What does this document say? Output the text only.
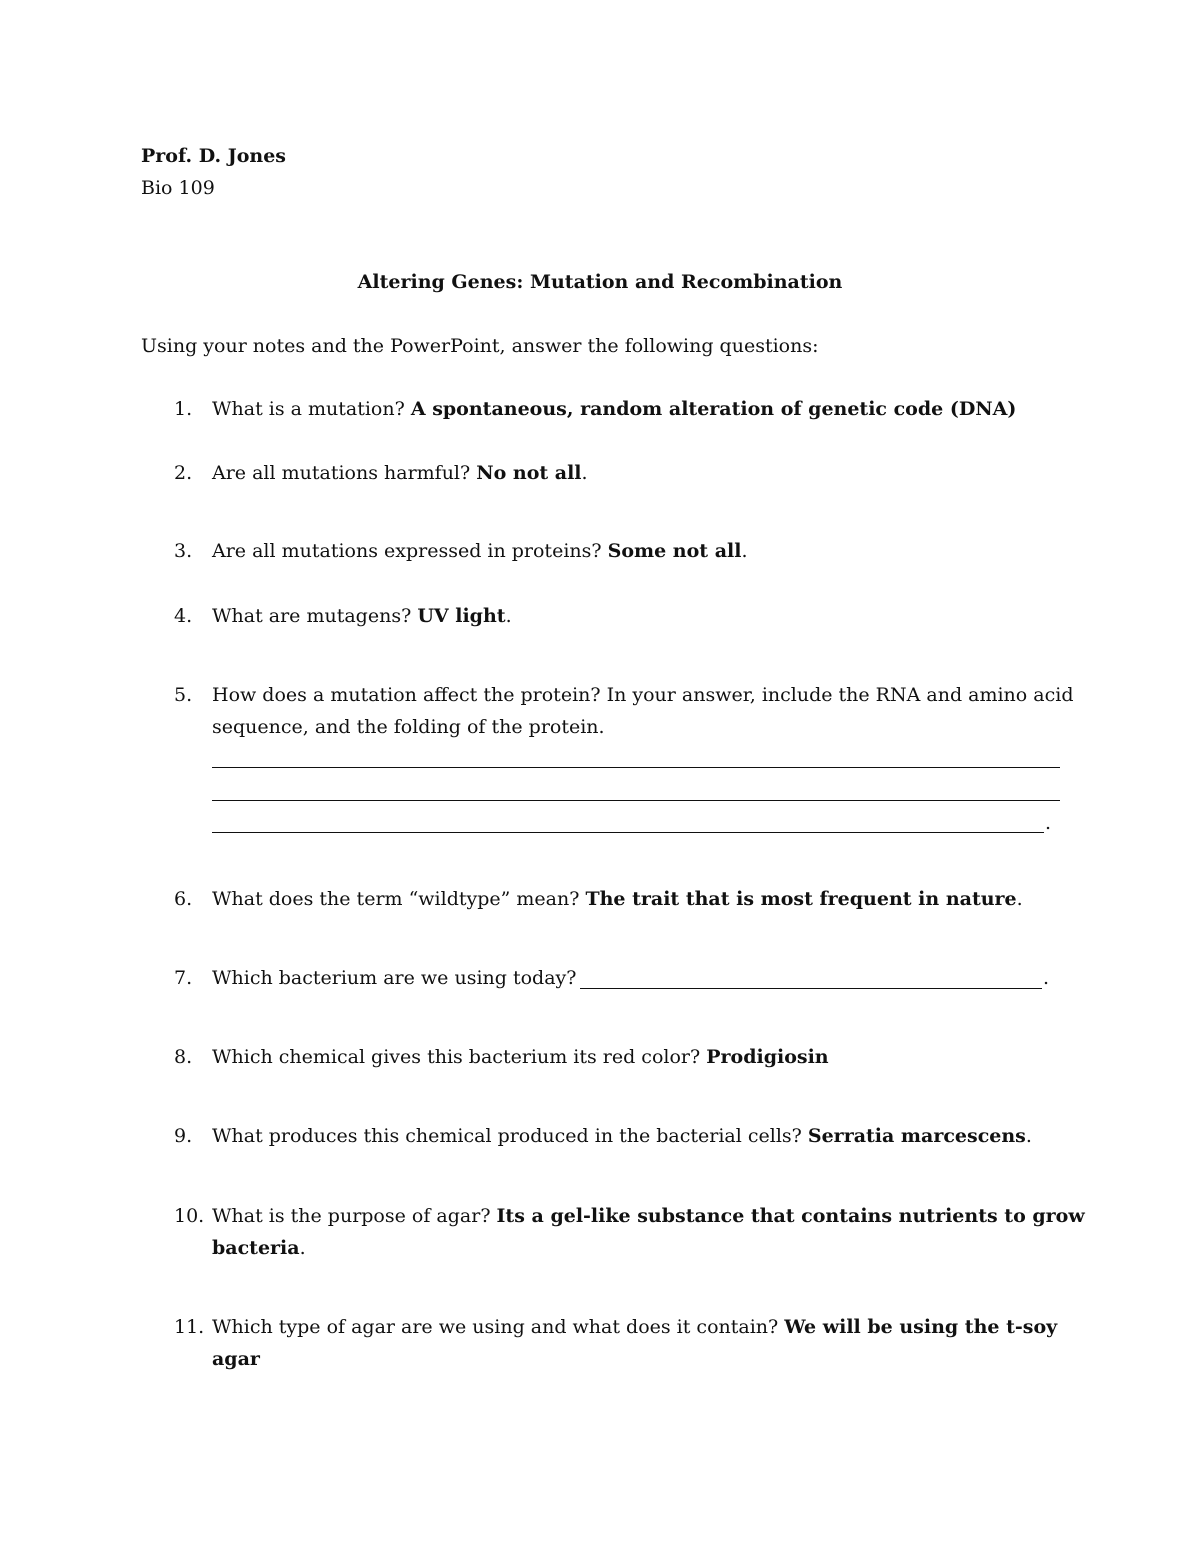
Prof. D. Jones
Bio 109
Altering Genes: Mutation and Recombination
Using your notes and the PowerPoint, answer the following questions:
1. What is a mutation? A spontaneous, random alteration of genetic code (DNA)
2. Are all mutations harmful? No not all.
3. Are all mutations expressed in proteins? Some not all.
4. What are mutagens? UV light.
5. How does a mutation affect the protein? In your answer, include the RNA and amino acid
sequence, and the folding of the protein.
.
6. What does the term “wildtype” mean? The trait that is most frequent in nature.
7. Which bacterium are we using today?	.
8. Which chemical gives this bacterium its red color? Prodigiosin
9. What produces this chemical produced in the bacterial cells? Serratia marcescens.
10. What is the purpose of agar? Its a gel-like substance that contains nutrients to grow
bacteria.
11. Which type of agar are we using and what does it contain? We will be using the t-soy
agar
